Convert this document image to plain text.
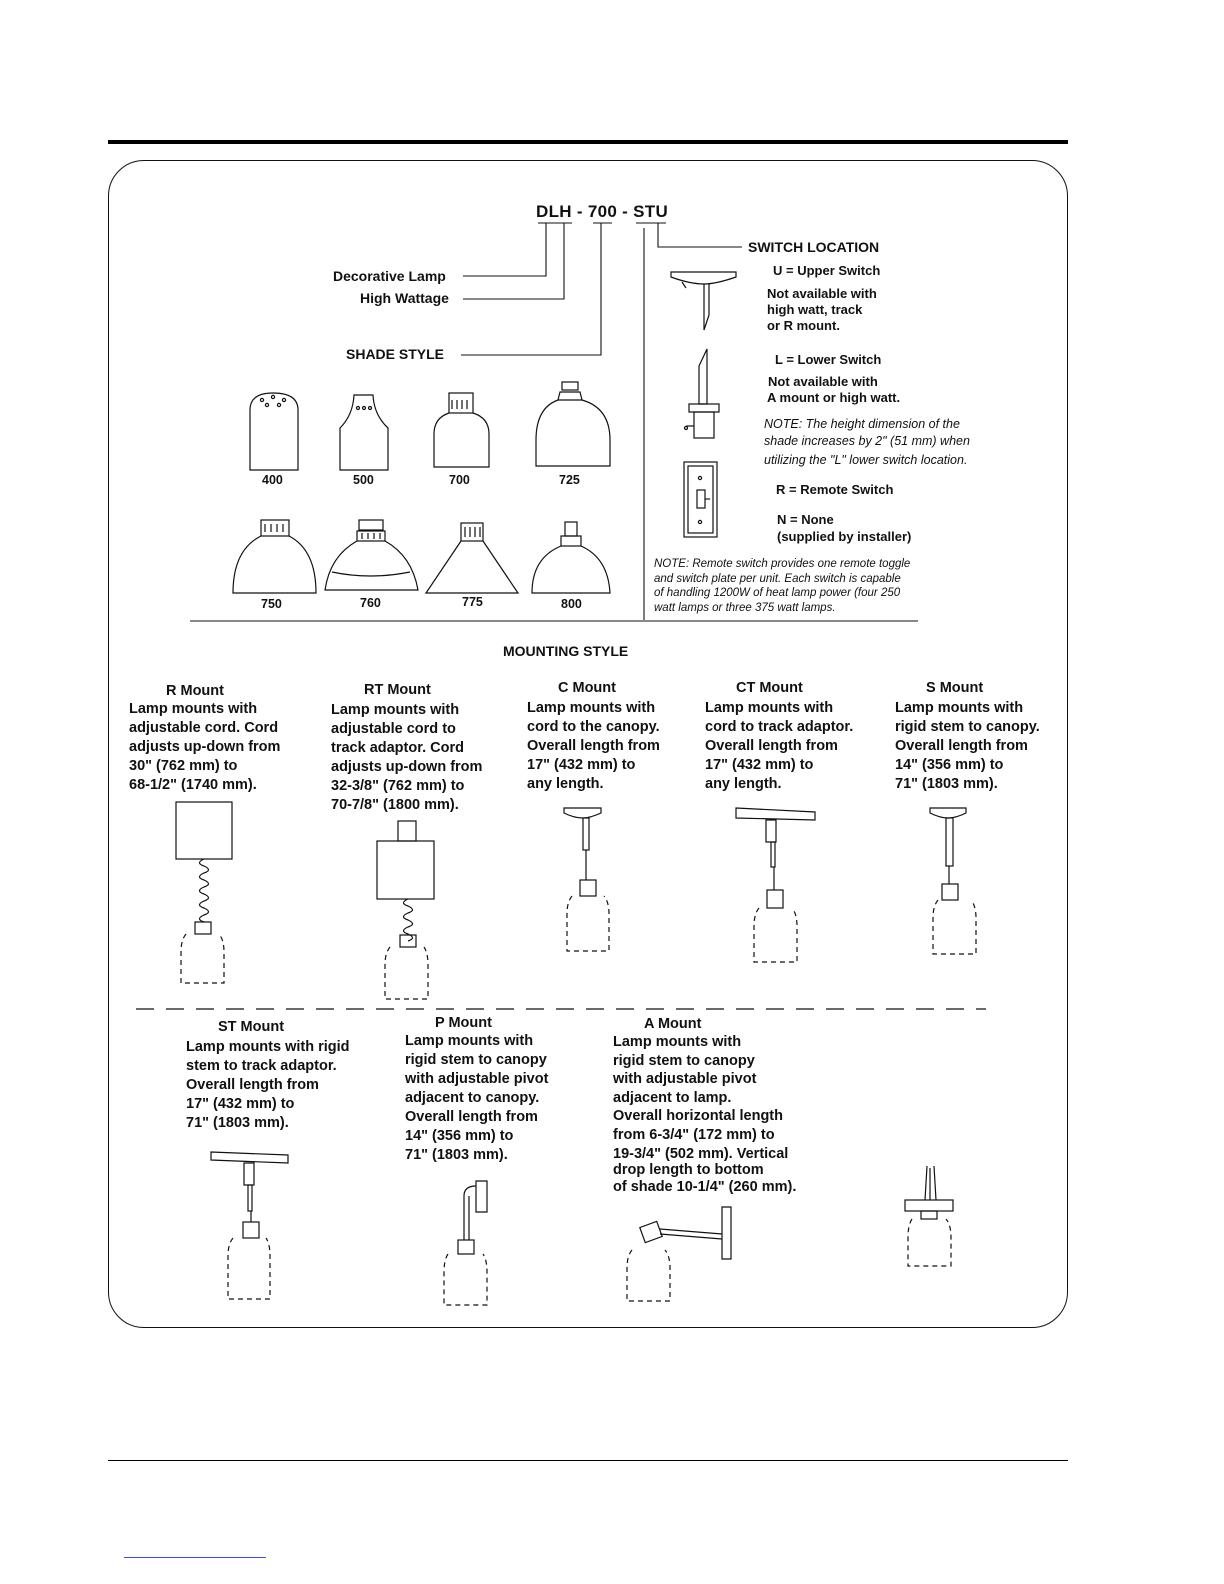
DLH - 700 - STU
Decorative Lamp
High Wattage
SHADE STYLE
SWITCH LOCATION
U = Upper Switch
Not available with
high watt, track
or R mount.
L = Lower Switch
Not available with
A mount or high watt.
NOTE: The height dimension of the
shade increases by 2" (51 mm) when
utilizing the "L" lower switch location.
R = Remote Switch
N = None
(supplied by installer)
NOTE: Remote switch provides one remote toggle
and switch plate per unit. Each switch is capable
of handling 1200W of heat lamp power (four 250
watt lamps or three 375 watt lamps.
400	500	700	725
750	760	775	800
MOUNTING STYLE
R Mount
Lamp mounts with
adjustable cord. Cord
adjusts up-down from
30" (762 mm) to
68-1/2" (1740 mm).
RT Mount
Lamp mounts with
adjustable cord to
track adaptor. Cord
adjusts up-down from
32-3/8" (762 mm) to
70-7/8" (1800 mm).
C Mount
Lamp mounts with
cord to the canopy.
Overall length from
17" (432 mm) to
any length.
CT Mount
Lamp mounts with
cord to track adaptor.
Overall length from
17" (432 mm) to
any length.
S Mount
Lamp mounts with
rigid stem to canopy.
Overall length from
14" (356 mm) to
71" (1803 mm).
ST Mount
Lamp mounts with rigid
stem to track adaptor.
Overall length from
17" (432 mm) to
71" (1803 mm).
P Mount
Lamp mounts with
rigid stem to canopy
with adjustable pivot
adjacent to canopy.
Overall length from
14" (356 mm) to
71" (1803 mm).
A Mount
Lamp mounts with
rigid stem to canopy
with adjustable pivot
adjacent to lamp.
Overall horizontal length
from 6-3/4" (172 mm) to
19-3/4" (502 mm). Vertical
drop length to bottom
of shade 10-1/4" (260 mm).
